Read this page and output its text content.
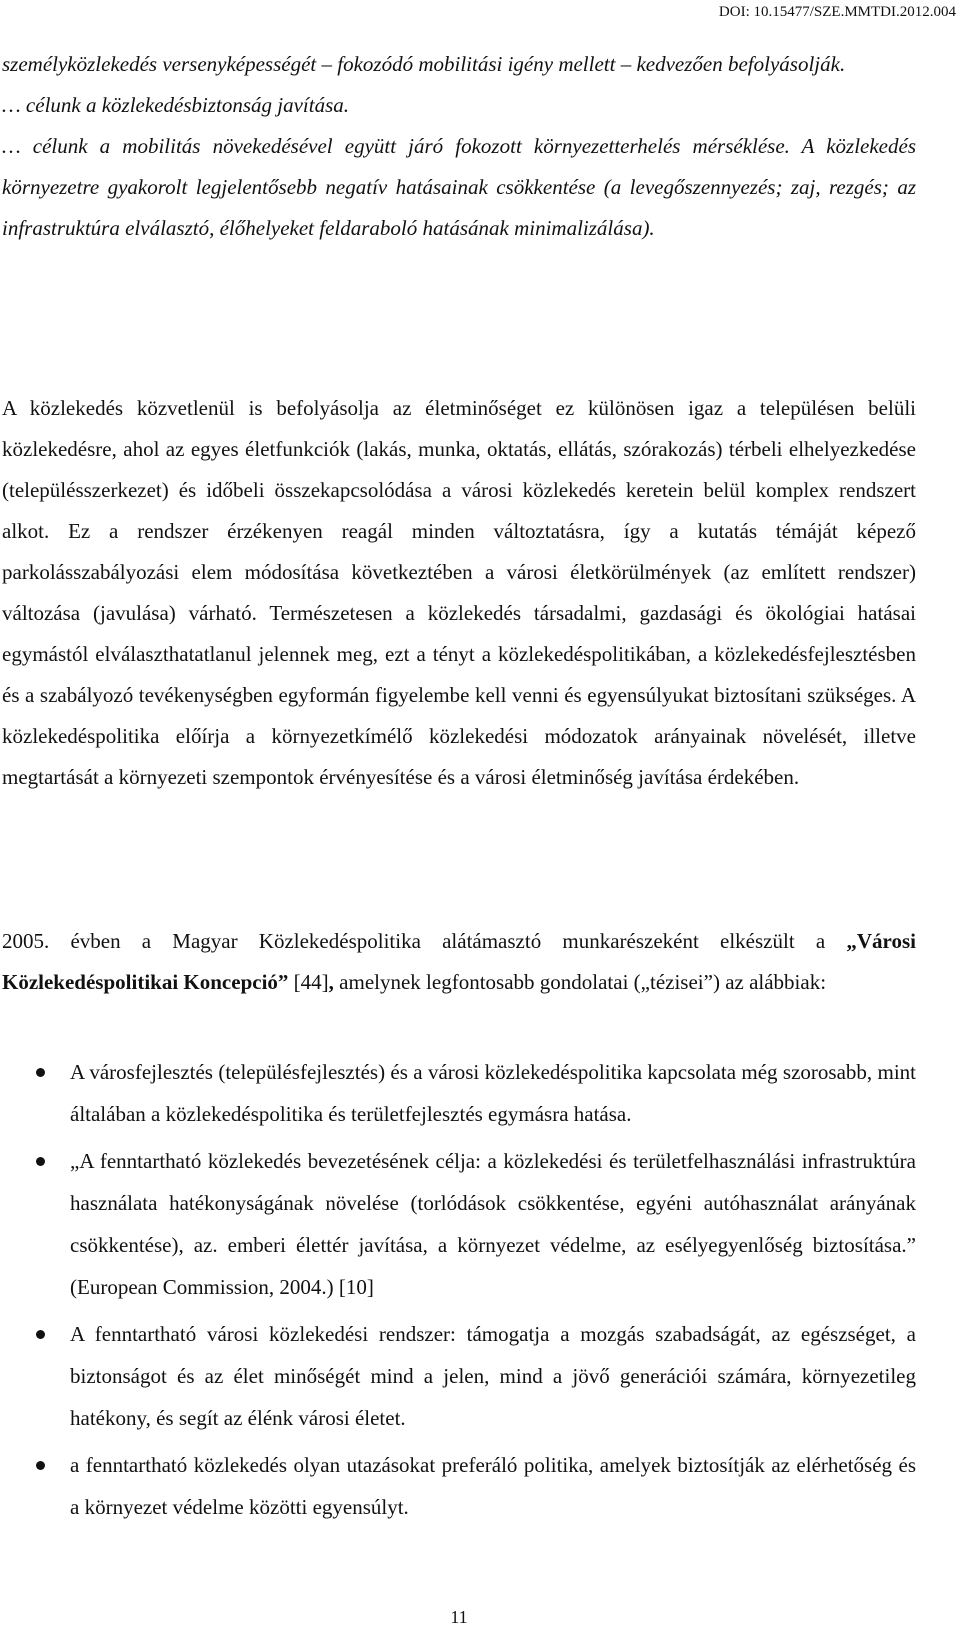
DOI: 10.15477/SZE.MMTDI.2012.004

személyközlekedés versenyképességét – fokozódó mobilitási igény mellett – kedvezően befolyásolják.

… célunk a közlekedésbiztonság javítása.

… célunk a mobilitás növekedésével együtt járó fokozott környezetterhelés mérséklése. A közlekedés környezetre gyakorolt legjelentősebb negatív hatásainak csökkentése (a levegőszennyezés; zaj, rezgés; az infrastruktúra elválasztó, élőhelyeket feldaraboló hatásának minimalizálása).

A közlekedés közvetlenül is befolyásolja az életminőséget ez különösen igaz a településen belüli közlekedésre, ahol az egyes életfunkciók (lakás, munka, oktatás, ellátás, szórakozás) térbeli elhelyezkedése (településszerkezet) és időbeli összekapcsolódása a városi közlekedés keretein belül komplex rendszert alkot. Ez a rendszer érzékenyen reagál minden változtatásra, így a kutatás témáját képező parkolásszabályozási elem módosítása következtében a városi életkörülmények (az említett rendszer) változása (javulása) várható. Természetesen a közlekedés társadalmi, gazdasági és ökológiai hatásai egymástól elválaszthatatlanul jelennek meg, ezt a tényt a közlekedéspolitikában, a közlekedésfejlesztésben és a szabályozó tevékenységben egyformán figyelembe kell venni és egyensúlyukat biztosítani szükséges. A közlekedéspolitika előírja a környezetkímélő közlekedési módozatok arányainak növelését, illetve megtartását a környezeti szempontok érvényesítése és a városi életminőség javítása érdekében.

2005. évben a Magyar Közlekedéspolitika alátámasztó munkarészeként elkészült a „Városi Közlekedéspolitikai Koncepció” [44], amelynek legfontosabb gondolatai („tézisei”) az alábbiak:

A városfejlesztés (településfejlesztés) és a városi közlekedéspolitika kapcsolata még szorosabb, mint általában a közlekedéspolitika és területfejlesztés egymásra hatása.
„A fenntartható közlekedés bevezetésének célja: a közlekedési és területfelhasználási infrastruktúra használata hatékonyságának növelése (torlódások csökkentése, egyéni autóhasználat arányának csökkentése), az. emberi élettér javítása, a környezet védelme, az esélyegyenlőség biztosítása.” (European Commission, 2004.) [10]
A fenntartható városi közlekedési rendszer: támogatja a mozgás szabadságát, az egészséget, a biztonságot és az élet minőségét mind a jelen, mind a jövő generációi számára, környezetileg hatékony, és segít az élénk városi életet.
a fenntartható közlekedés olyan utazásokat preferáló politika, amelyek biztosítják az elérhetőség és a környezet védelme közötti egyensúlyt.
11
